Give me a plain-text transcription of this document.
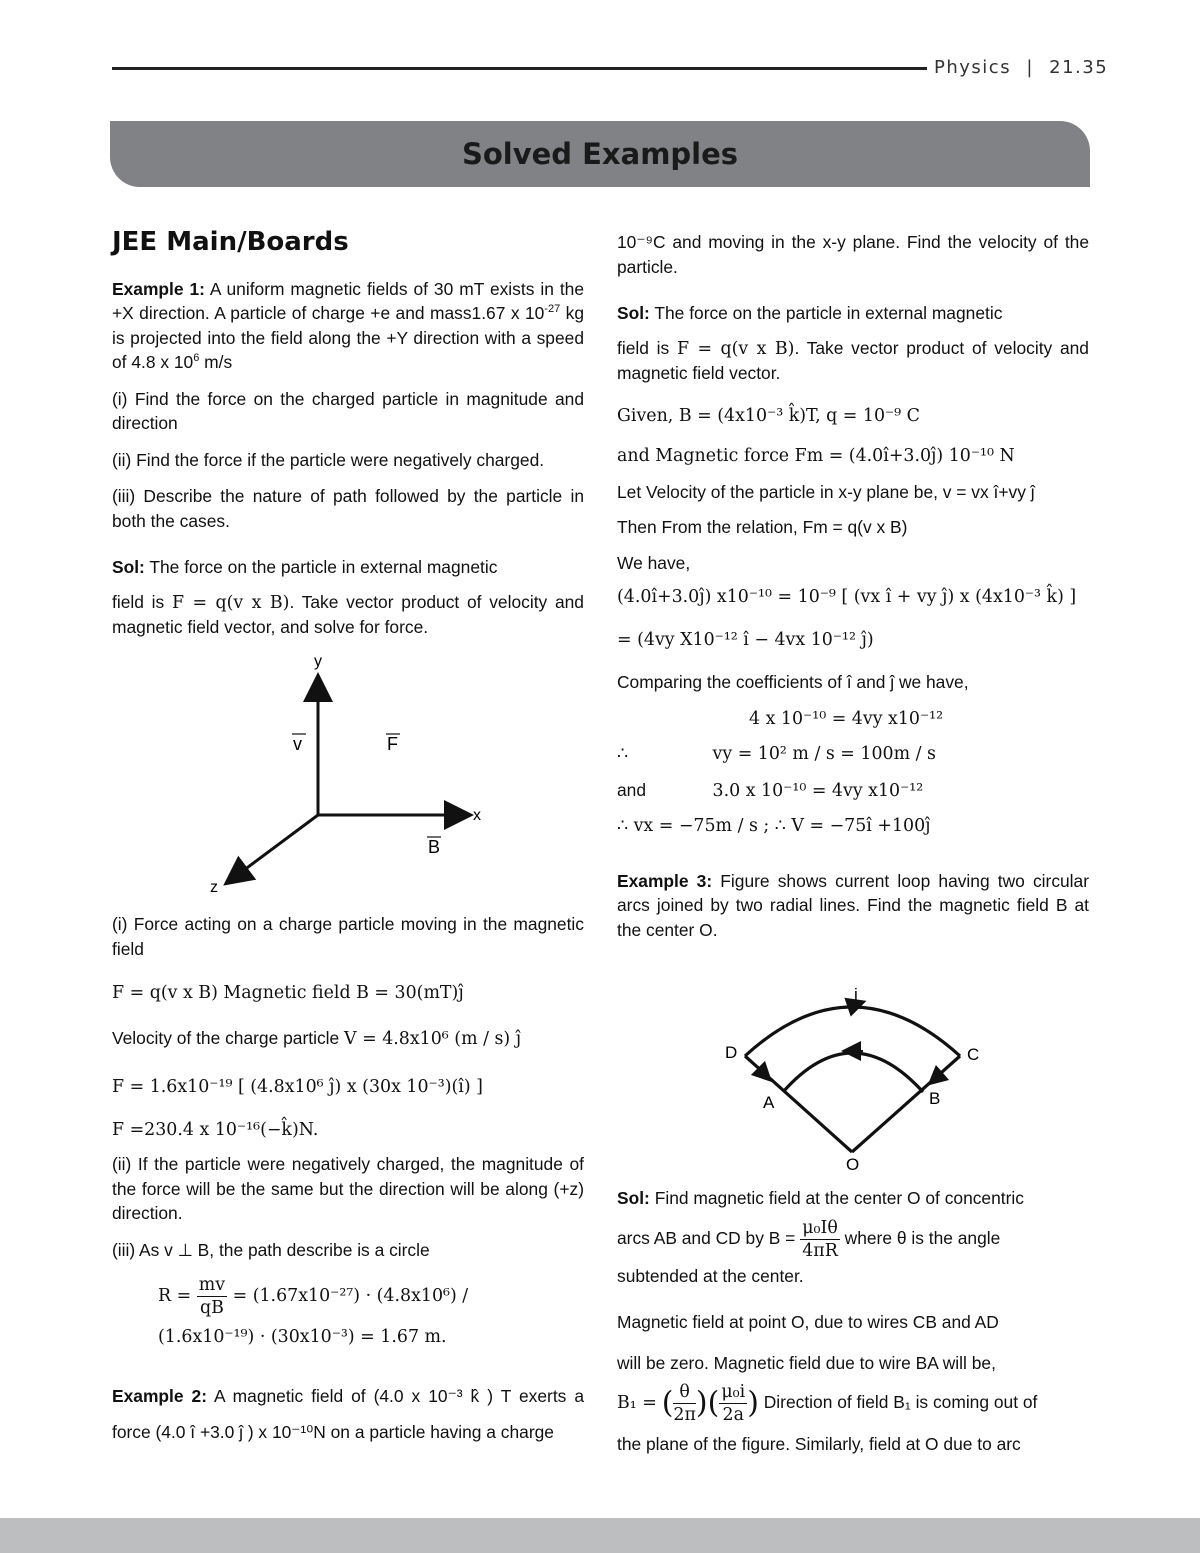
Physics | 21.35
Solved Examples

JEE Main/Boards

Example 1: A uniform magnetic fields of 30 mT exists in the +X direction. A particle of charge +e and mass1.67 x $10^{-27}$ kg is projected into the field along the +Y direction with a speed of 4.8 x $10^6$ m/s

(i) Find the force on the charged particle in magnitude and direction

(ii) Find the force if the particle were negatively charged.

(iii) Describe the nature of path followed by the particle in both the cases.

Sol: The force on the particle in external magnetic

field is F = q(v x B). Take vector product of velocity and magnetic field vector, and solve for force.

y
x
z
v	F
B

(i) Force acting on a charge particle moving in the magnetic field

F = q(v x B) Magnetic field B = 30(mT)ĵ

Velocity of the charge particle V = 4.8x10⁶ (m / s) ĵ

F = 1.6x10⁻¹⁹ [ (4.8x10⁶ ĵ) x (30x 10⁻³)(î) ]

F =230.4 x 10⁻¹⁶(−k̂)N.

(ii) If the particle were negatively charged, the magnitude of the force will be the same but the direction will be along (+z) direction.

(iii) As v ⊥ B, the path describe is a circle

$R = \frac{mv}{qB} = (1.67x10^{-27}) \cdot (4.8x10^6)$ /

(1.6x10⁻¹⁹) · (30x10⁻³) = 1.67 m.

Example 2: A magnetic field of (4.0 x 10⁻³ k̂ ) T exerts a force (4.0 î +3.0 ĵ ) x 10⁻¹⁰N on a particle having a charge

10⁻⁹C and moving in the x-y plane. Find the velocity of the particle.

Sol: The force on the particle in external magnetic

field is F = q(v x B). Take vector product of velocity and magnetic field vector.

Given, B = (4x10⁻³ k̂)T, q = 10⁻⁹ C

and Magnetic force Fm = (4.0î+3.0ĵ) 10⁻¹⁰ N

Let Velocity of the particle in x-y plane be, v = vx î+vy ĵ

Then From the relation, Fm = q(v x B)

We have,

(4.0î+3.0ĵ) x10⁻¹⁰ = 10⁻⁹ [ (vx î + vy ĵ) x (4x10⁻³ k̂) ]

= (4vy X10⁻¹² î − 4vx 10⁻¹² ĵ)

Comparing the coefficients of î and ĵ we have,

4 x 10⁻¹⁰ = 4vy x10⁻¹²

∴	vy = 10² m / s = 100m / s

and	3.0 x 10⁻¹⁰ = 4vy x10⁻¹²

∴ vx = −75m / s ; ∴ V = −75î +100ĵ

Example 3: Figure shows current loop having two circular arcs joined by two radial lines. Find the magnetic field B at the center O.

i
D	C
A	B
O

Sol: Find magnetic field at the center O of concentric

arcs AB and CD by $B = \frac{\text{μ₀Iθ}}{4\pi R}$ where θ is the angle

subtended at the center.

Magnetic field at point O, due to wires CB and AD

will be zero. Magnetic field due to wire BA will be,

B₁ = ( $\frac{\theta}{2\pi}$ )( $\frac{\text{μ₀i}}{2a}$ ) Direction of field B₁ is coming out of

the plane of the figure. Similarly, field at O due to arc
